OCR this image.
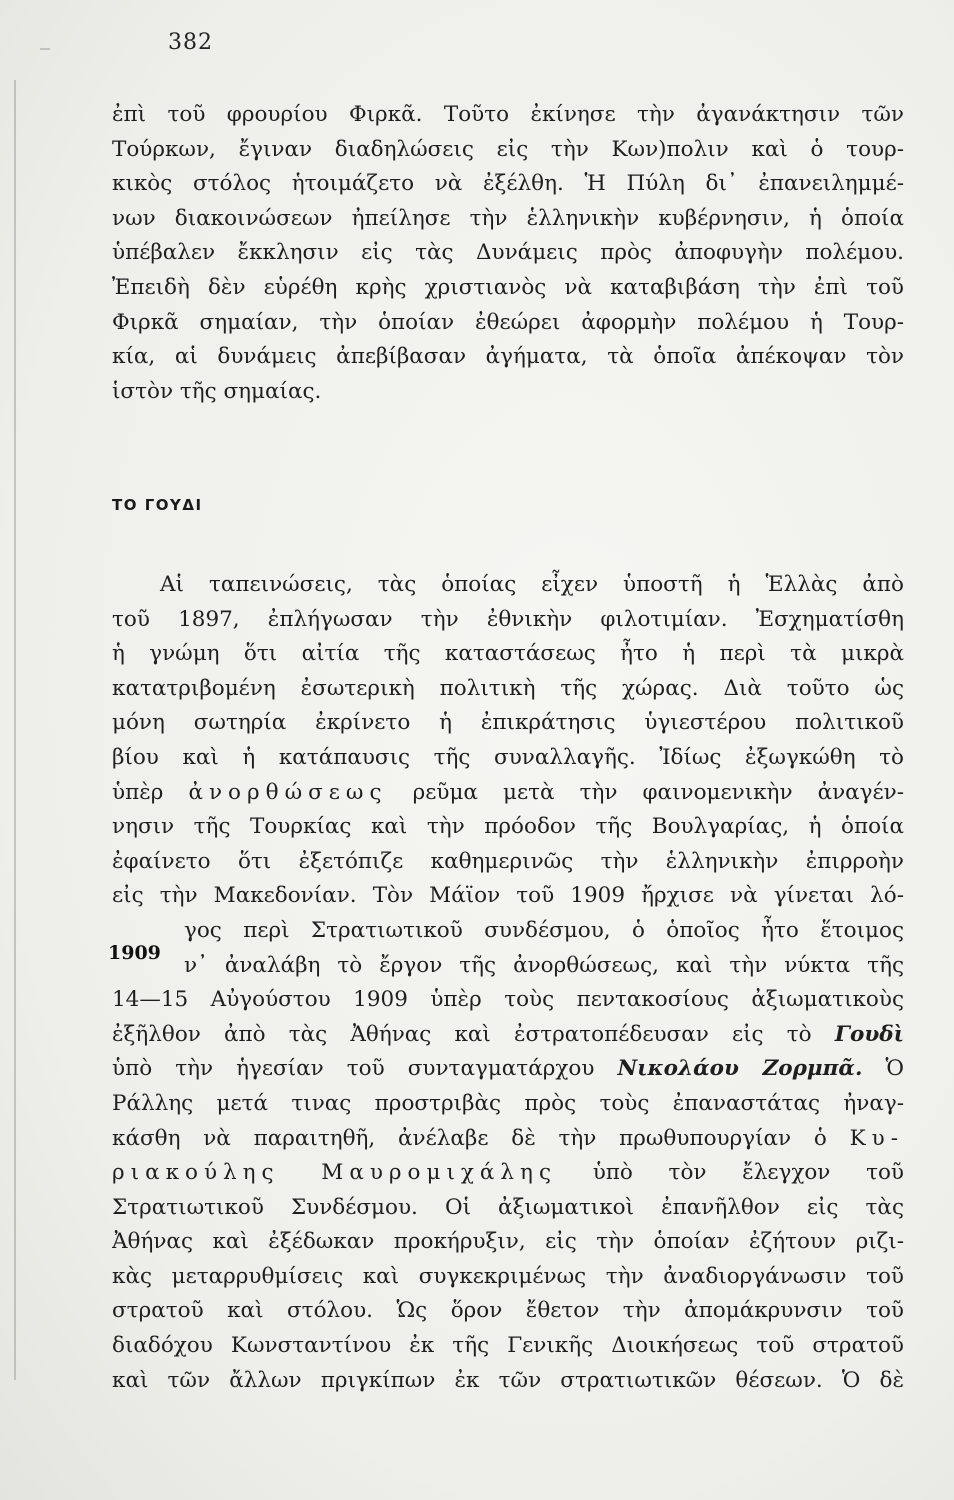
382
ἐπὶ τοῦ φρουρίου Φιρκᾶ. Τοῦτο ἐκίνησε τὴν ἀγανάκτησιν τῶν
Τούρκων, ἔγιναν διαδηλώσεις εἰς τὴν Κων)πολιν καὶ ὁ τουρ-
κικὸς στόλος ἡτοιμάζετο νὰ ἐξέλθη. Ἡ Πύλη δι᾿ ἐπανειλημμέ-
νων διακοινώσεων ἠπείλησε τὴν ἑλληνικὴν κυβέρνησιν, ἡ ὁποία
ὑπέβαλεν ἔκκλησιν εἰς τὰς Δυνάμεις πρὸς ἀποφυγὴν πολέμου.
Ἐπειδὴ δὲν εὑρέθη κρὴς χριστιανὸς νὰ καταβιβάση τὴν ἐπὶ τοῦ
Φιρκᾶ σημαίαν, τὴν ὁποίαν ἐθεώρει ἀφορμὴν πολέμου ἡ Τουρ-
κία, αἱ δυνάμεις ἀπεβίβασαν ἀγήματα, τὰ ὁποῖα ἀπέκοψαν τὸν
ἱστὸν τῆς σημαίας.
ΤΟ ΓΟΥΔΙ
1909
Αἱ ταπεινώσεις, τὰς ὁποίας εἶχεν ὑποστῆ ἡ Ἑλλὰς ἀπὸ
τοῦ 1897, ἐπλήγωσαν τὴν ἐθνικὴν φιλοτιμίαν. Ἐσχηματίσθη
ἡ γνώμη ὅτι αἰτία τῆς καταστάσεως ἦτο ἡ περὶ τὰ μικρὰ
κατατριβομένη ἐσωτερικὴ πολιτικὴ τῆς χώρας. Διὰ τοῦτο ὡς
μόνη σωτηρία ἐκρίνετο ἡ ἐπικράτησις ὑγιεστέρου πολιτικοῦ
βίου καὶ ἡ κατάπαυσις τῆς συναλλαγῆς. Ἰδίως ἐξωγκώθη τὸ
ὑπὲρ ἀνορθώσεως ρεῦμα μετὰ τὴν φαινομενικὴν ἀναγέν-
νησιν τῆς Τουρκίας καὶ τὴν πρόοδον τῆς Βουλγαρίας, ἡ ὁποία
ἐφαίνετο ὅτι ἐξετόπιζε καθημερινῶς τὴν ἑλληνικὴν ἐπιρροὴν
εἰς τὴν Μακεδονίαν. Τὸν Μάϊον τοῦ 1909 ἤρχισε νὰ γίνεται λό-
γος περὶ Στρατιωτικοῦ συνδέσμου, ὁ ὁποῖος ἦτο ἕτοιμος
ν᾿ ἀναλάβη τὸ ἔργον τῆς ἀνορθώσεως, καὶ τὴν νύκτα τῆς
14—15 Αὐγούστου 1909 ὑπὲρ τοὺς πεντακοσίους ἀξιωματικοὺς
ἐξῆλθον ἀπὸ τὰς Ἀθήνας καὶ ἐστρατοπέδευσαν εἰς τὸ Γουδὶ
ὑπὸ τὴν ἡγεσίαν τοῦ συνταγματάρχου Νικολάου Ζορμπᾶ. Ὁ
Ράλλης μετά τινας προστριβὰς πρὸς τοὺς ἐπαναστάτας ἠναγ-
κάσθη νὰ παραιτηθῆ, ἀνέλαβε δὲ τὴν πρωθυπουργίαν ὁ Κυ-
ριακούλης Μαυρομιχάλης ὑπὸ τὸν ἔλεγχον τοῦ
Στρατιωτικοῦ Συνδέσμου. Οἱ ἀξιωματικοὶ ἐπανῆλθον εἰς τὰς
Ἀθήνας καὶ ἐξέδωκαν προκήρυξιν, εἰς τὴν ὁποίαν ἐζήτουν ριζι-
κὰς μεταρρυθμίσεις καὶ συγκεκριμένως τὴν ἀναδιοργάνωσιν τοῦ
στρατοῦ καὶ στόλου. Ὡς ὅρον ἔθετον τὴν ἀπομάκρυνσιν τοῦ
διαδόχου Κωνσταντίνου ἐκ τῆς Γενικῆς Διοικήσεως τοῦ στρατοῦ
καὶ τῶν ἄλλων πριγκίπων ἐκ τῶν στρατιωτικῶν θέσεων. Ὁ δὲ
